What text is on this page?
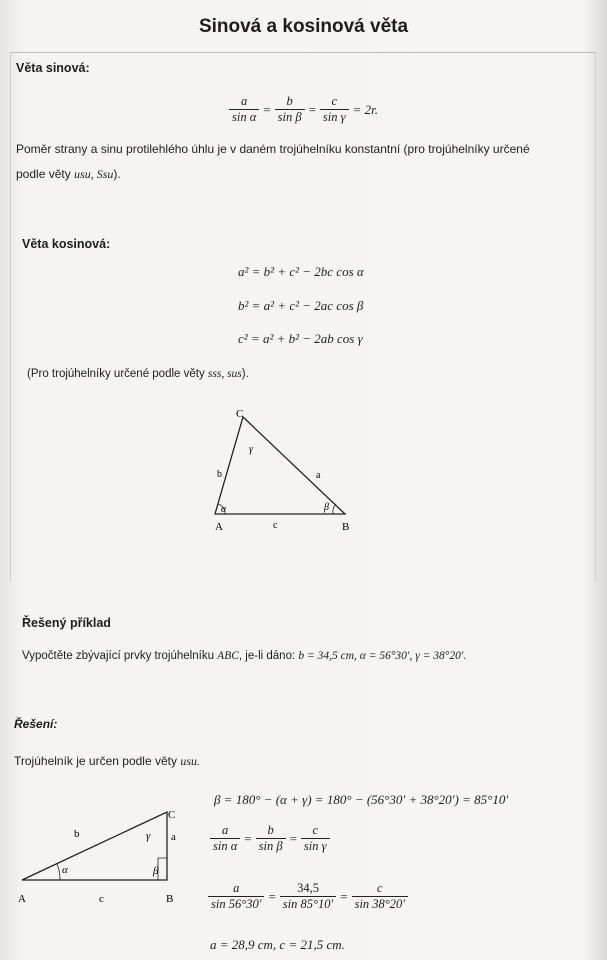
Sinová a kosinová věta
Věta sinová:
$\frac{a}{\text{sin α}} = \frac{b}{\text{sin β}} = \frac{c}{\text{sin γ}} = 2r$.
Poměr strany a sinu protilehlého úhlu je v daném trojúhelníku konstantní (pro trojúhelníky určené
podle věty usu, Ssu).
Věta kosinová:
a² = b² + c² − 2bc cos α
b² = a² + c² − 2ac cos β
c² = a² + b² − 2ab cos γ
(Pro trojúhelníky určené podle věty sss, sus).
C
γ
b	a
α	β
A	c	B
Řešený příklad
Vypočtěte zbývající prvky trojúhelníku ABC, je-li dáno: b = 34,5 cm, α = 56°30′, γ = 38°20′.
Řešení:
Trojúhelník je určen podle věty usu.
β = 180° − (α + γ) = 180° − (56°30′ + 38°20′) = 85°10′
$\frac{a}{\text{sin α}} = \frac{b}{\text{sin β}} = \frac{c}{\text{sin γ}}$
$\frac{a}{\sin 56^\circ 30'} = \frac{34,5}{\sin 85^\circ 10'} = \frac{c}{\sin 38^\circ 20'}$
a = 28,9 cm, c = 21,5 cm.
C
b	γ a
α	β
A	c	B
